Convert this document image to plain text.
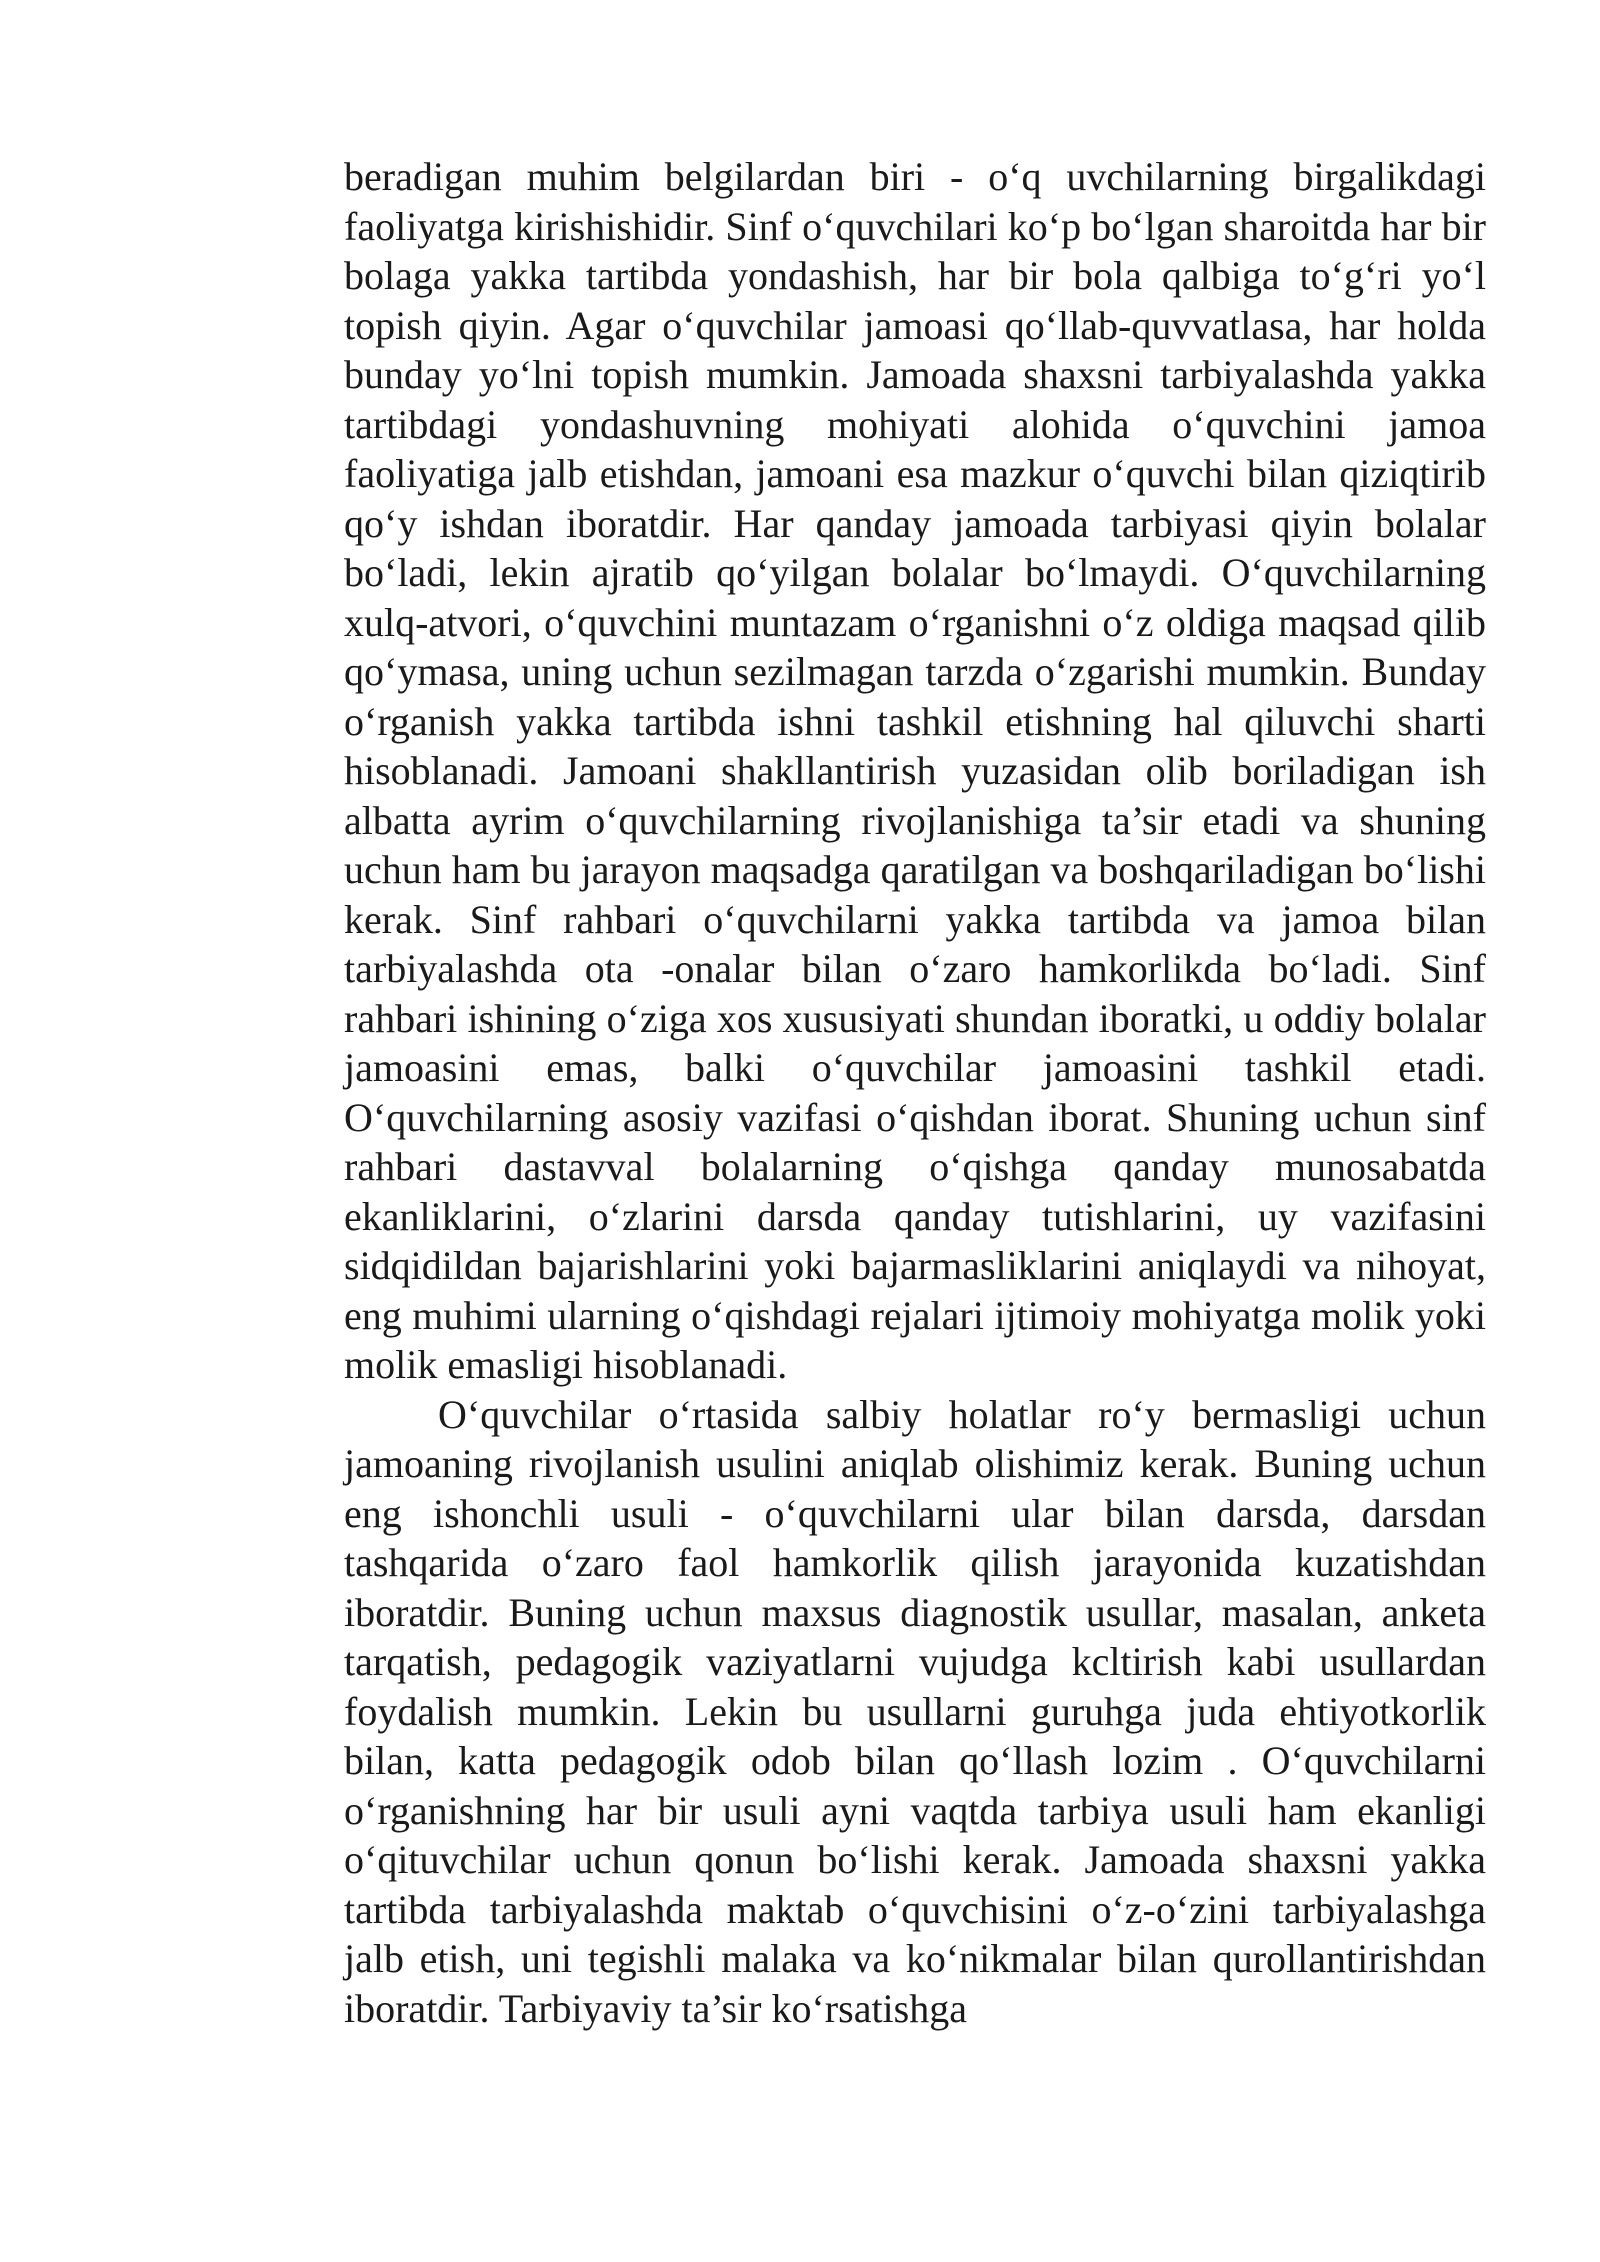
beradigan muhim belgilardan biri - o‘q uvchilarning birgalikdagi faoliyatga kirishishidir. Sinf o‘quvchilari ko‘p bo‘lgan sharoitda har bir bolaga yakka tartibda yondashish, har bir bola qalbiga to‘g‘ri yo‘l topish qiyin. Agar o‘quvchilar jamoasi qo‘llab-quvvatlasa, har holda bunday yo‘lni topish mumkin. Jamoada shaxsni tarbiyalashda yakka tartibdagi yondashuvning mohiyati alohida o‘quvchini jamoa faoliyatiga jalb etishdan, jamoani esa mazkur o‘quvchi bilan qiziqtirib qo‘y ishdan iboratdir. Har qanday jamoada tarbiyasi qiyin bolalar bo‘ladi, lekin ajratib qo‘yilgan bolalar bo‘lmaydi. O‘quvchilarning xulq-atvori, o‘quvchini muntazam o‘rganishni o‘z oldiga maqsad qilib qo‘ymasa, uning uchun sezilmagan tarzda o‘zgarishi mumkin. Bunday o‘rganish yakka tartibda ishni tashkil etishning hal qiluvchi sharti hisoblanadi. Jamoani shakllantirish yuzasidan olib boriladigan ish albatta ayrim o‘quvchilarning rivojlanishiga ta’sir etadi va shuning uchun ham bu jarayon maqsadga qaratilgan va boshqariladigan bo‘lishi kerak. Sinf rahbari o‘quvchilarni yakka tartibda va jamoa bilan tarbiyalashda ota -onalar bilan o‘zaro hamkorlikda bo‘ladi. Sinf rahbari ishining o‘ziga xos xususiyati shundan iboratki, u oddiy bolalar jamoasini emas, balki o‘quvchilar jamoasini tashkil etadi. O‘quvchilarning asosiy vazifasi o‘qishdan iborat. Shuning uchun sinf rahbari dastavval bolalarning o‘qishga qanday munosabatda ekanliklarini, o‘zlarini darsda qanday tutishlarini, uy vazifasini sidqidildan bajarishlarini yoki bajarmasliklarini aniqlaydi va nihoyat, eng muhimi ularning o‘qishdagi rejalari ijtimoiy mohiyatga molik yoki molik emasligi hisoblanadi.

O‘quvchilar o‘rtasida salbiy holatlar ro‘y bermasligi uchun jamoaning rivojlanish usulini aniqlab olishimiz kerak. Buning uchun eng ishonchli usuli - o‘quvchilarni ular bilan darsda, darsdan tashqarida o‘zaro faol hamkorlik qilish jarayonida kuzatishdan iboratdir. Buning uchun maxsus diagnostik usullar, masalan, anketa tarqatish, pedagogik vaziyatlarni vujudga kcltirish kabi usullardan foydalish mumkin. Lekin bu usullarni guruhga juda ehtiyotkorlik bilan, katta pedagogik odob bilan qo‘llash lozim . O‘quvchilarni o‘rganishning har bir usuli ayni vaqtda tarbiya usuli ham ekanligi o‘qituvchilar uchun qonun bo‘lishi kerak. Jamoada shaxsni yakka tartibda tarbiyalashda maktab o‘quvchisini o‘z-o‘zini tarbiyalashga jalb etish, uni tegishli malaka va ko‘nikmalar bilan qurollantirishdan iboratdir. Tarbiyaviy ta’sir ko‘rsatishga
